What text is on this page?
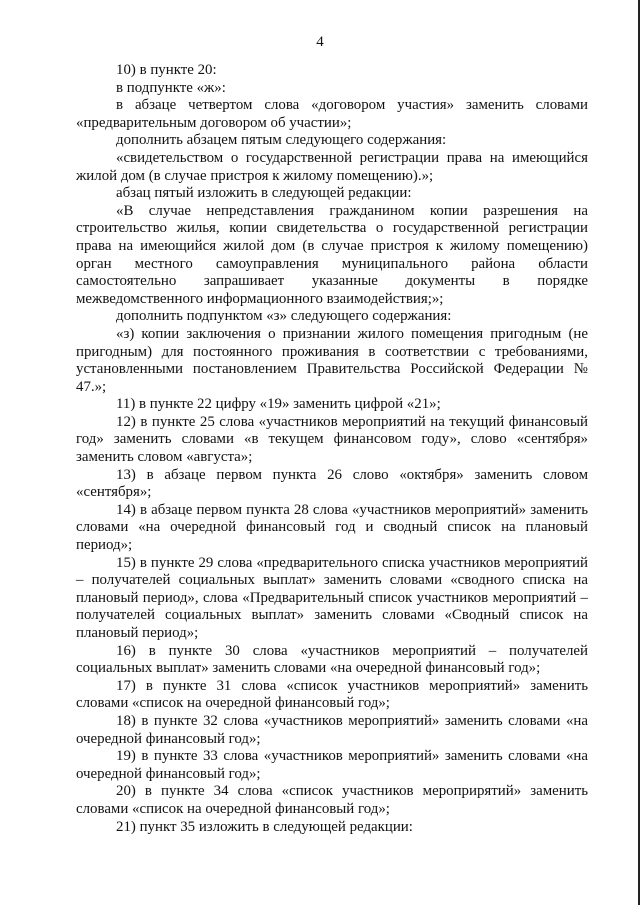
4

10) в пункте 20:

в подпункте «ж»:

в абзаце четвертом слова «договором участия» заменить словами «предварительным договором об участии»;

дополнить абзацем пятым следующего содержания:

«свидетельством о государственной регистрации права на имеющийся жилой дом (в случае пристроя к жилому помещению).»;

абзац пятый изложить в следующей редакции:

«В случае непредставления гражданином копии разрешения на строительство жилья, копии свидетельства о государственной регистрации права на имеющийся жилой дом (в случае пристроя к жилому помещению) орган местного самоуправления муниципального района области самостоятельно запрашивает указанные документы в порядке межведомственного информационного взаимодействия;»;

дополнить подпунктом «з» следующего содержания:

«з) копии заключения о признании жилого помещения пригодным (не пригодным) для постоянного проживания в соответствии с требованиями, установленными постановлением Правительства Российской Федерации № 47.»;

11) в пункте 22 цифру «19» заменить цифрой «21»;

12) в пункте 25 слова «участников мероприятий на текущий финансовый год» заменить словами «в текущем финансовом году», слово «сентября» заменить словом «августа»;

13) в абзаце первом пункта 26 слово «октября» заменить словом «сентября»;

14) в абзаце первом пункта 28 слова «участников мероприятий» заменить словами «на очередной финансовый год и сводный список на плановый период»;

15) в пункте 29 слова «предварительного списка участников мероприятий – получателей социальных выплат» заменить словами «сводного списка на плановый период», слова «Предварительный список участников мероприятий – получателей социальных выплат» заменить словами «Сводный список на плановый период»;

16) в пункте 30 слова «участников мероприятий – получателей социальных выплат» заменить словами «на очередной финансовый год»;

17) в пункте 31 слова «список участников мероприятий» заменить словами «список на очередной финансовый год»;

18) в пункте 32 слова «участников мероприятий» заменить словами «на очередной финансовый год»;

19) в пункте 33 слова «участников мероприятий» заменить словами «на очередной финансовый год»;

20) в пункте 34 слова «список участников мероприрятий» заменить словами «список на очередной финансовый год»;

21) пункт 35 изложить в следующей редакции:
